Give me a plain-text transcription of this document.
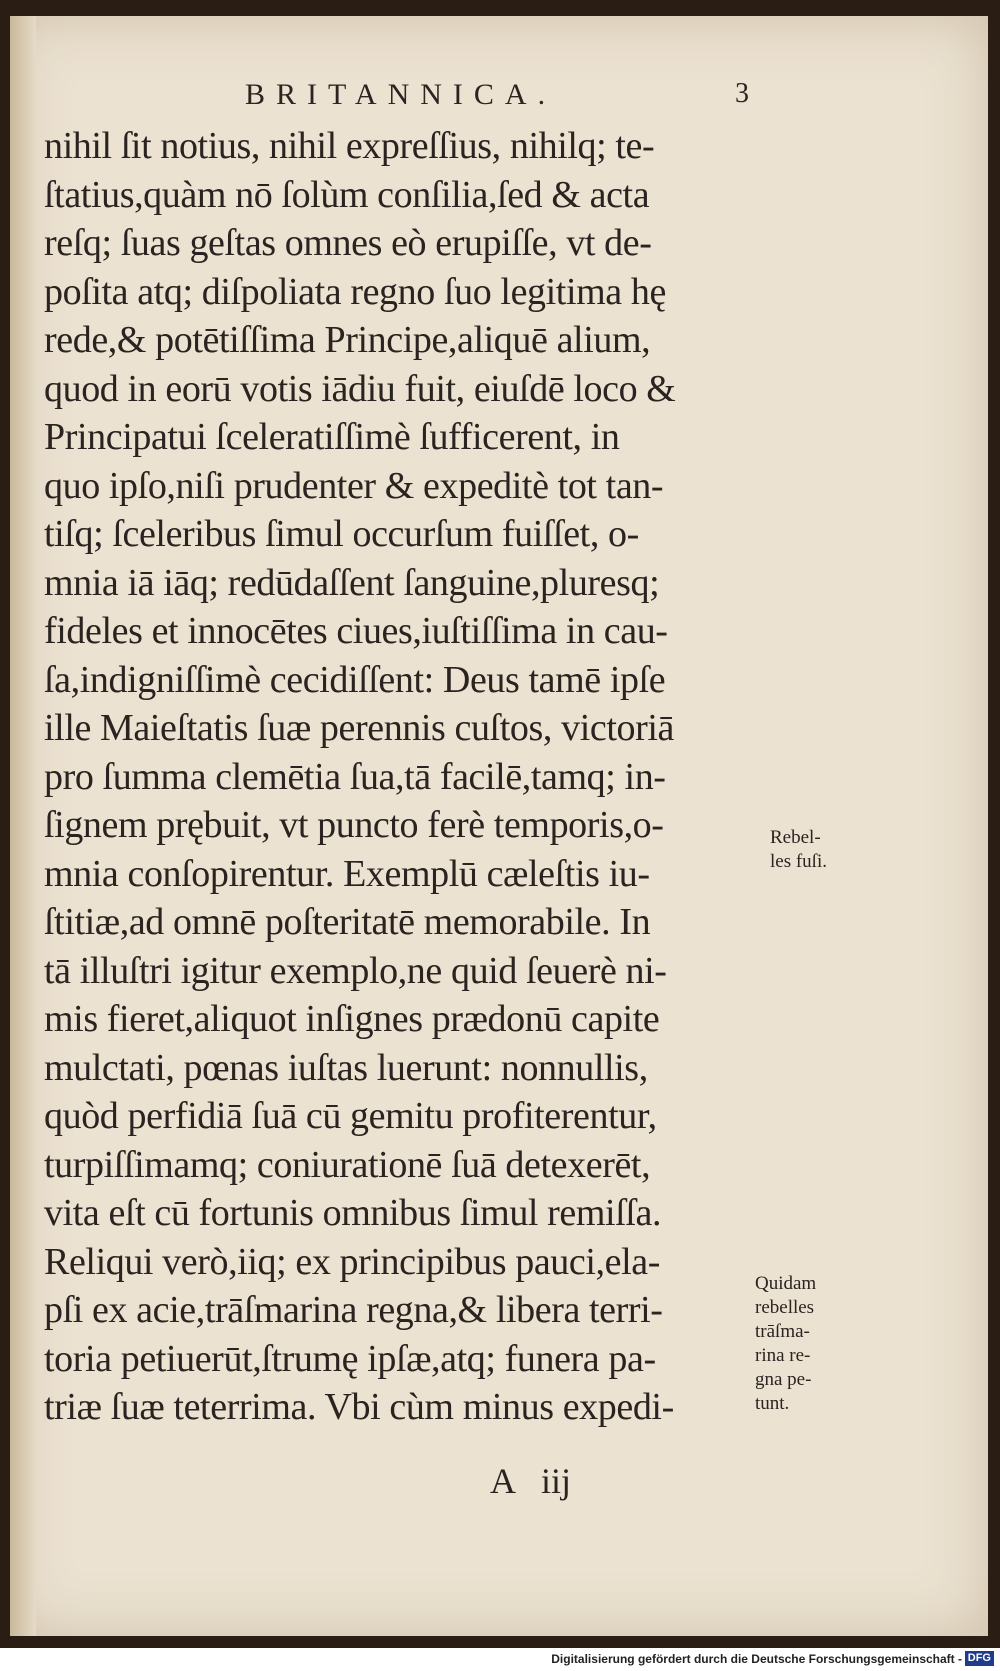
BRITANNICA.	3
nihil ſit notius, nihil expreſſius, nihilq; te-
ſtatius,quàm nō ſolùm conſilia,ſed & acta
reſq; ſuas geſtas omnes eò erupiſſe, vt de-
poſita atq; diſpoliata regno ſuo legitima hę
rede,& potētiſſima Principe,aliquē alium,
quod in eorū votis iādiu fuit, eiuſdē loco &
Principatui ſceleratiſſimè ſufficerent, in
quo ipſo,niſi prudenter & expeditè tot tan-
tiſq; ſceleribus ſimul occurſum fuiſſet, o-
mnia iā iāq; redūdaſſent ſanguine,pluresq;
fideles et innocētes ciues,iuſtiſſima in cau-
ſa,indigniſſimè cecidiſſent: Deus tamē ipſe
ille Maieſtatis ſuæ perennis cuſtos, victoriā
pro ſumma clemētia ſua,tā facilē,tamq; in-
ſignem prębuit, vt puncto ferè temporis,o-
mnia conſopirentur. Exemplū cæleſtis iu-
ſtitiæ,ad omnē poſteritatē memorabile. In
tā illuſtri igitur exemplo,ne quid ſeuerè ni-
mis fieret,aliquot inſignes prædonū capite
mulctati, pœnas iuſtas luerunt: nonnullis,
quòd perfidiā ſuā cū gemitu profiterentur,
turpiſſimamq; coniurationē ſuā detexerēt,
vita eſt cū fortunis omnibus ſimul remiſſa.
Reliqui verò,iiq; ex principibus pauci,ela-
pſi ex acie,trāſmarina regna,& libera terri-
toria petiuerūt,ſtrumę ipſæ,atq; funera pa-
triæ ſuæ teterrima. Vbi cùm minus expedi-
Rebel-
les fuſi.
Quidam
rebelles
trāſma-
rina re-
gna pe-
tunt.
A iij
Digitalisierung gefördert durch die Deutsche Forschungsgemeinschaft - DFG
